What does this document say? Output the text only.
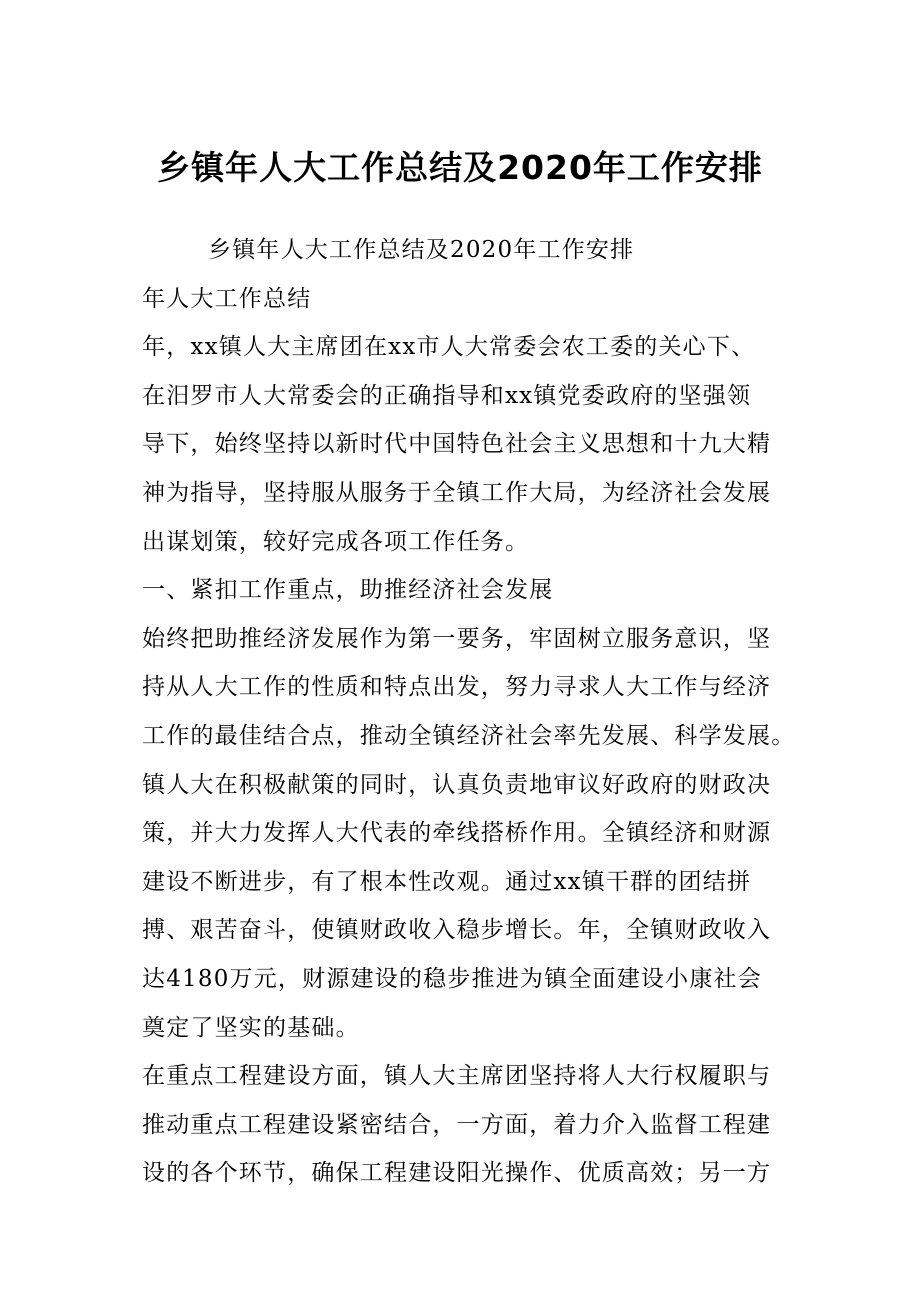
乡镇年人大工作总结及2020年工作安排
乡镇年人大工作总结及2020年工作安排
年人大工作总结
年，xx镇人大主席团在xx市人大常委会农工委的关心下、
在汨罗市人大常委会的正确指导和xx镇党委政府的坚强领
导下，始终坚持以新时代中国特色社会主义思想和十九大精
神为指导，坚持服从服务于全镇工作大局，为经济社会发展
出谋划策，较好完成各项工作任务。
一、紧扣工作重点，助推经济社会发展
始终把助推经济发展作为第一要务，牢固树立服务意识，坚
持从人大工作的性质和特点出发，努力寻求人大工作与经济
工作的最佳结合点，推动全镇经济社会率先发展、科学发展。
镇人大在积极献策的同时，认真负责地审议好政府的财政决
策，并大力发挥人大代表的牵线搭桥作用。全镇经济和财源
建设不断进步，有了根本性改观。通过xx镇干群的团结拼
搏、艰苦奋斗，使镇财政收入稳步增长。年，全镇财政收入
达4180万元，财源建设的稳步推进为镇全面建设小康社会
奠定了坚实的基础。
在重点工程建设方面，镇人大主席团坚持将人大行权履职与
推动重点工程建设紧密结合，一方面，着力介入监督工程建
设的各个环节，确保工程建设阳光操作、优质高效；另一方
